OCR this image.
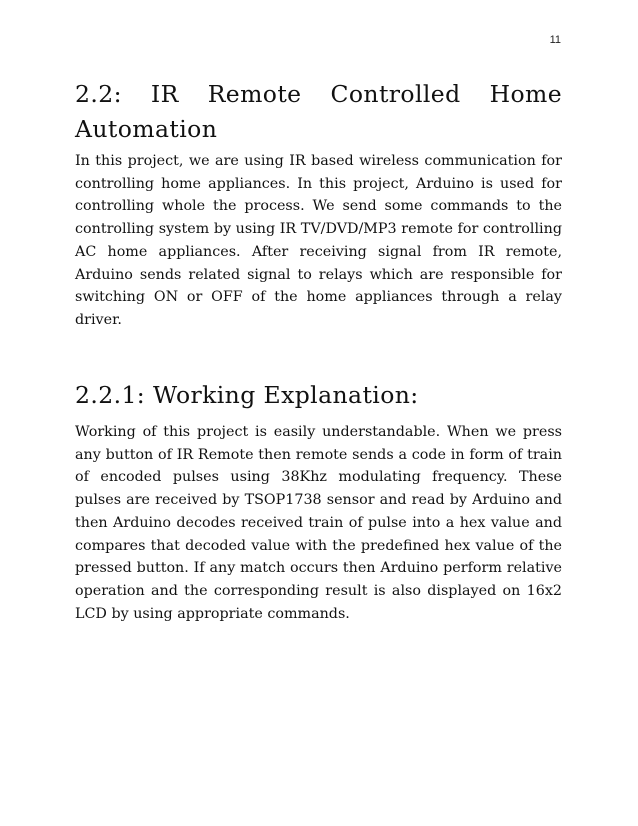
11
2.2: IR Remote Controlled Home Automation

In this project, we are using IR based wireless communication for controlling home appliances. In this project, Arduino is used for controlling whole the process. We send some commands to the controlling system by using IR TV/DVD/MP3 remote for controlling AC home appliances. After receiving signal from IR remote, Arduino sends related signal to relays which are responsible for switching ON or OFF of the home appliances through a relay driver.

2.2.1: Working Explanation:

Working of this project is easily understandable. When we press any button of IR Remote then remote sends a code in form of train of encoded pulses using 38Khz modulating frequency. These pulses are received by TSOP1738 sensor and read by Arduino and then Arduino decodes received train of pulse into a hex value and compares that decoded value with the predefined hex value of the pressed button. If any match occurs then Arduino perform relative operation and the corresponding result is also displayed on 16x2 LCD by using appropriate commands.
